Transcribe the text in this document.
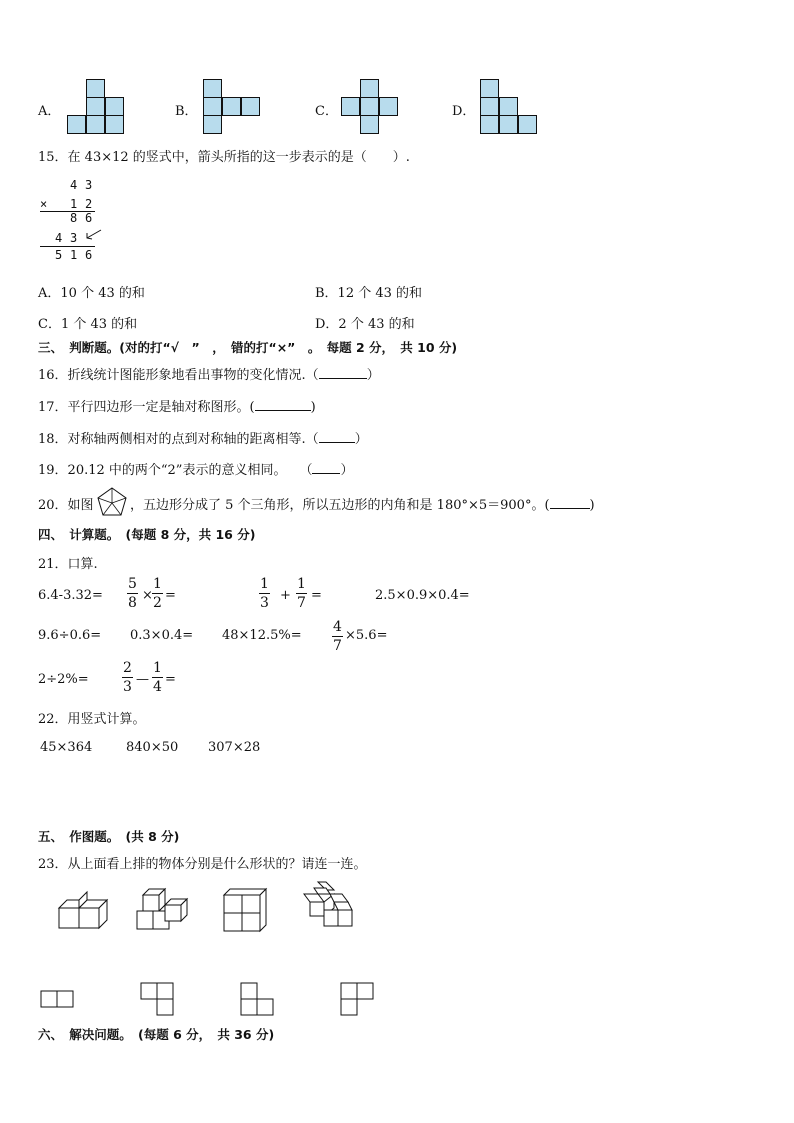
A．	B．	C．	D．
15．在 43×12 的竖式中，箭头所指的这一步表示的是（　　）.
4 3
× 1 2
8 6
4 3
5 1 6
A．10 个 43 的和	B．12 个 43 的和
C．1 个 43 的和	D．2 个 43 的和
三、　判断题。(对的打“√　”　，　错的打“×”　。　每题 2 分，　共 10 分)
16．折线统计图能形象地看出事物的变化情况.（	）
17．平行四边形一定是轴对称图形。(	)
18．对称轴两侧相对的点到对称轴的距离相等.（	）
19．20.12 中的两个“2”表示的意义相同。　　（ ）
20．如图	，五边形分成了 5 个三角形，所以五边形的内角和是 180°×5＝900°。(	)
四、　计算题。　(每题 8 分，共 16 分)
21．口算.
6.4-3.32=
5
8 ×
1
2 =
1
3 +
1
7 =	2.5×0.9×0.4=
9.6÷0.6= 0.3×0.4= 48×12.5%=
4
7
×5.6=
2÷2%=
2
3 —
1
4 =
22．用竖式计算。
45×364	840×50 307×28
五、　作图题。　(共 8 分)
23．从上面看上排的物体分别是什么形状的？请连一连。
六、　解决问题。　(每题 6 分，　共 36 分)
